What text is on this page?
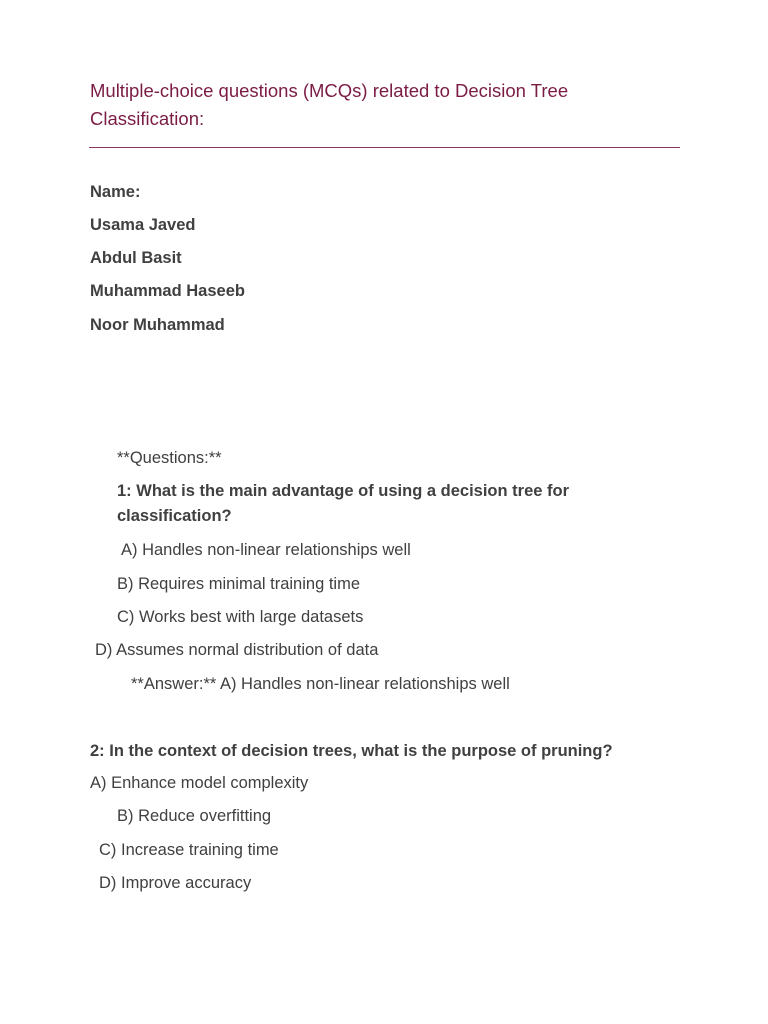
Multiple-choice questions (MCQs) related to Decision Tree Classification:
Name:
Usama Javed
Abdul Basit
Muhammad Haseeb
Noor Muhammad
**Questions:**
1: What is the main advantage of using a decision tree for classification?
A) Handles non-linear relationships well
B) Requires minimal training time
C) Works best with large datasets
D) Assumes normal distribution of data
**Answer:** A) Handles non-linear relationships well
2: In the context of decision trees, what is the purpose of pruning?
A) Enhance model complexity
B) Reduce overfitting
C) Increase training time
D) Improve accuracy
